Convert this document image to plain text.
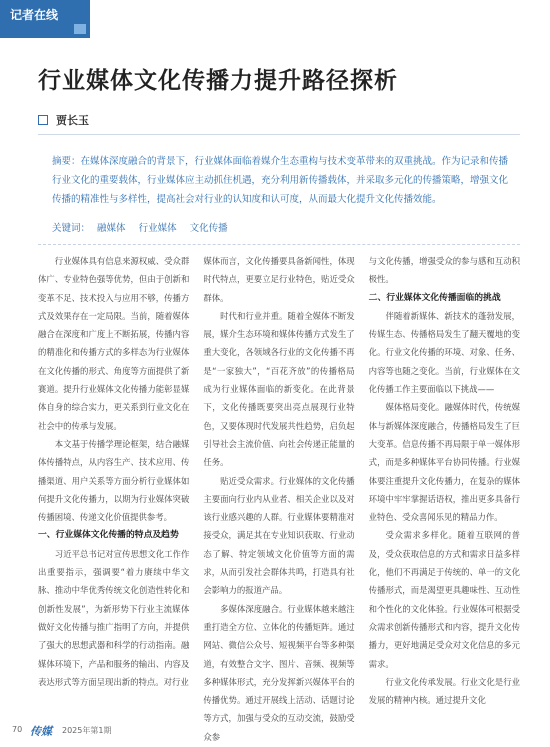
记者在线
行业媒体文化传播力提升路径探析
贾长玉
摘要：在媒体深度融合的背景下，行业媒体面临着媒介生态重构与技术变革带来的双重挑战。作为记录和传播行业文化的重要载体，行业媒体应主动抓住机遇，充分利用新传播载体，并采取多元化的传播策略，增强文化传播的精准性与多样性，提高社会对行业的认知度和认可度，从而最大化提升文化传播效能。
关键词： 融媒体 行业媒体 文化传播

行业媒体具有信息来源权威、受众群体广、专业特色强等优势，但由于创新和变革不足、技术投入与应用不够，传播方式及效果存在一定局限。当前，随着媒体融合在深度和广度上不断拓展，传播内容的精准化和传播方式的多样态为行业媒体在文化传播的形式、角度等方面提供了新赛道。提升行业媒体文化传播力能彰显媒体自身的综合实力，更关系到行业文化在社会中的传承与发展。

本文基于传播学理论框架，结合融媒体传播特点，从内容生产、技术应用、传播渠道、用户关系等方面分析行业媒体如何提升文化传播力，以期为行业媒体突破传播困境、传递文化价值提供参考。

一、行业媒体文化传播的特点及趋势

习近平总书记对宣传思想文化工作作出重要指示，强调要“着力赓续中华文脉、推动中华优秀传统文化创造性转化和创新性发展”，为新形势下行业主流媒体做好文化传播与推广指明了方向，并提供了强大的思想武器和科学的行动指南。融媒体环境下，产品和服务的输出、内容及表达形式等方面呈现出新的特点。对行业

媒体而言，文化传播要具备新闻性，体现时代特点，更要立足行业特色，贴近受众群体。

时代和行业并重。随着全媒体不断发展，媒介生态环境和媒体传播方式发生了重大变化，各领域各行业的文化传播不再是“一家独大”，“百花齐放”的传播格局成为行业媒体面临的新变化。在此背景下，文化传播既要突出亮点展现行业特色，又要体现时代发展共性趋势，启负起引导社会主流价值、向社会传递正能量的任务。

贴近受众需求。行业媒体的文化传播主要面向行业内从业者、相关企业以及对该行业感兴趣的人群。行业媒体要精准对接受众，满足其在专业知识获取、行业动态了解、特定领域文化价值等方面的需求，从而引发社会群体共鸣，打造具有社会影响力的报道产品。

多媒体深度融合。行业媒体越来越注重打造全方位、立体化的传播矩阵。通过网站、微信公众号、短视频平台等多种渠道，有效整合文字、图片、音频、视频等多种媒体形式，充分发挥新兴媒体平台的传播优势。通过开展线上活动、话题讨论等方式，加强与受众的互动交流，鼓励受众参

与文化传播，增强受众的参与感和互动积极性。

二、行业媒体文化传播面临的挑战

伴随着新媒体、新技术的蓬勃发展，传媒生态、传播格局发生了翻天覆地的变化。行业文化传播的环境、对象、任务、内容等也随之变化。当前，行业媒体在文化传播工作主要面临以下挑战——

媒体格局变化。融媒体时代，传统媒体与新媒体深度融合，传播格局发生了巨大变革。信息传播不再局限于单一媒体形式，而是多种媒体平台协同传播。行业媒体要注重提升文化传播力，在复杂的媒体环境中牢牢掌握话语权，推出更多具备行业特色、受众喜闻乐见的精品力作。

受众需求多样化。随着互联网的普及，受众获取信息的方式和需求日益多样化，他们不再满足于传统的、单一的文化传播形式，而是渴望更具趣味性、互动性和个性化的文化体验。行业媒体可根据受众需求创新传播形式和内容，提升文化传播力，更好地满足受众对文化信息的多元需求。

行业文化传承发展。行业文化是行业发展的精神内核。通过提升文化

70 传媒 2025年第1期
